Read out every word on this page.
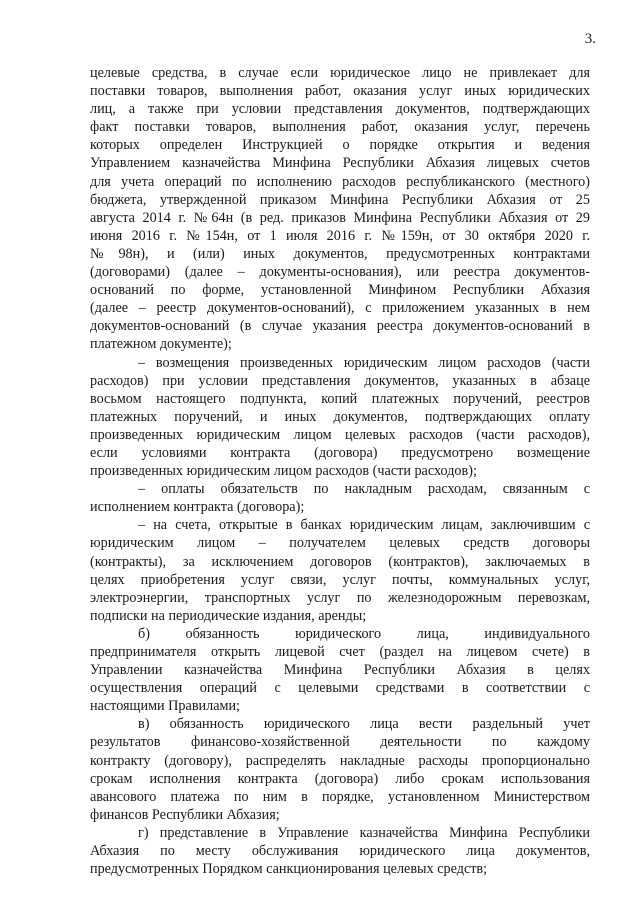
3.
целевые средства, в случае если юридическое лицо не привлекает для
поставки товаров, выполнения работ, оказания услуг иных юридических
лиц, а также при условии представления документов, подтверждающих
факт поставки товаров, выполнения работ, оказания услуг, перечень
которых определен Инструкцией о порядке открытия и ведения
Управлением казначейства Минфина Республики Абхазия лицевых счетов
для учета операций по исполнению расходов республиканского (местного)
бюджета, утвержденной приказом Минфина Республики Абхазия от 25
августа 2014 г. №64н (в ред. приказов Минфина Республики Абхазия от 29
июня 2016 г. №154н, от 1 июля 2016 г. №159н, от 30 октября 2020 г.
№98н), и (или) иных документов, предусмотренных контрактами
(договорами) (далее – документы-основания), или реестра документов-
оснований по форме, установленной Минфином Республики Абхазия
(далее – реестр документов-оснований), с приложением указанных в нем
документов-оснований (в случае указания реестра документов-оснований в
платежном документе);
– возмещения произведенных юридическим лицом расходов (части
расходов) при условии представления документов, указанных в абзаце
восьмом настоящего подпункта, копий платежных поручений, реестров
платежных поручений, и иных документов, подтверждающих оплату
произведенных юридическим лицом целевых расходов (части расходов),
если условиями контракта (договора) предусмотрено возмещение
произведенных юридическим лицом расходов (части расходов);
– оплаты обязательств по накладным расходам, связанным с
исполнением контракта (договора);
– на счета, открытые в банках юридическим лицам, заключившим с
юридическим лицом – получателем целевых средств договоры
(контракты), за исключением договоров (контрактов), заключаемых в
целях приобретения услуг связи, услуг почты, коммунальных услуг,
электроэнергии, транспортных услуг по железнодорожным перевозкам,
подписки на периодические издания, аренды;
б) обязанность юридического лица, индивидуального
предпринимателя открыть лицевой счет (раздел на лицевом счете) в
Управлении казначейства Минфина Республики Абхазия в целях
осуществления операций с целевыми средствами в соответствии с
настоящими Правилами;
в) обязанность юридического лица вести раздельный учет
результатов финансово-хозяйственной деятельности по каждому
контракту (договору), распределять накладные расходы пропорционально
срокам исполнения контракта (договора) либо срокам использования
авансового платежа по ним в порядке, установленном Министерством
финансов Республики Абхазия;
г) представление в Управление казначейства Минфина Республики
Абхазия по месту обслуживания юридического лица документов,
предусмотренных Порядком санкционирования целевых средств;
